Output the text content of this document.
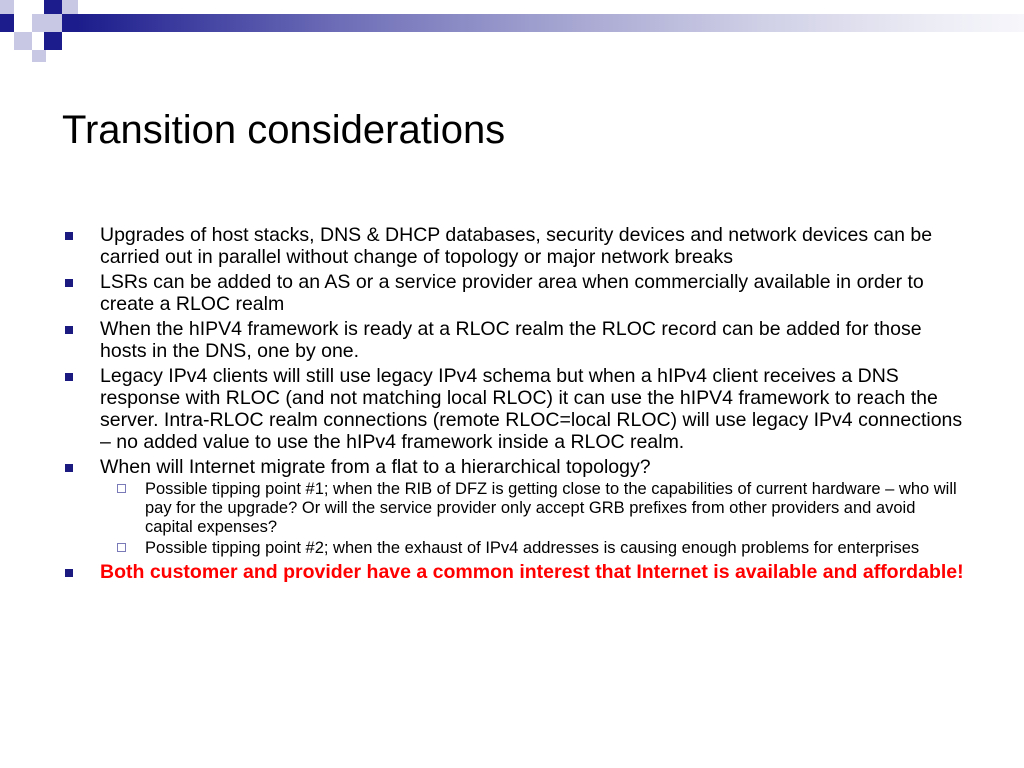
Transition considerations
Upgrades of host stacks, DNS & DHCP databases, security devices and network devices can be carried out in parallel without change of topology or major network breaks
LSRs can be added to an AS or a service provider area when commercially available in order to create a RLOC realm
When the hIPV4 framework is ready at a RLOC realm the RLOC record can be added for those hosts in the DNS, one by one.
Legacy IPv4 clients will still use legacy IPv4 schema but when a hIPv4 client receives a DNS response with RLOC (and not matching local RLOC) it can use the hIPV4 framework to reach the server. Intra-RLOC realm connections (remote RLOC=local RLOC) will use legacy IPv4 connections – no added value to use the hIPv4 framework inside a RLOC realm.
When will Internet migrate from a flat to a hierarchical topology?
Possible tipping point #1; when the RIB of DFZ is getting close to the capabilities of current hardware – who will pay for the upgrade? Or will the service provider only accept GRB prefixes from other providers and avoid capital expenses?
Possible tipping point #2; when the exhaust of IPv4 addresses is causing enough problems for enterprises
Both customer and provider have a common interest that Internet is available and affordable!
